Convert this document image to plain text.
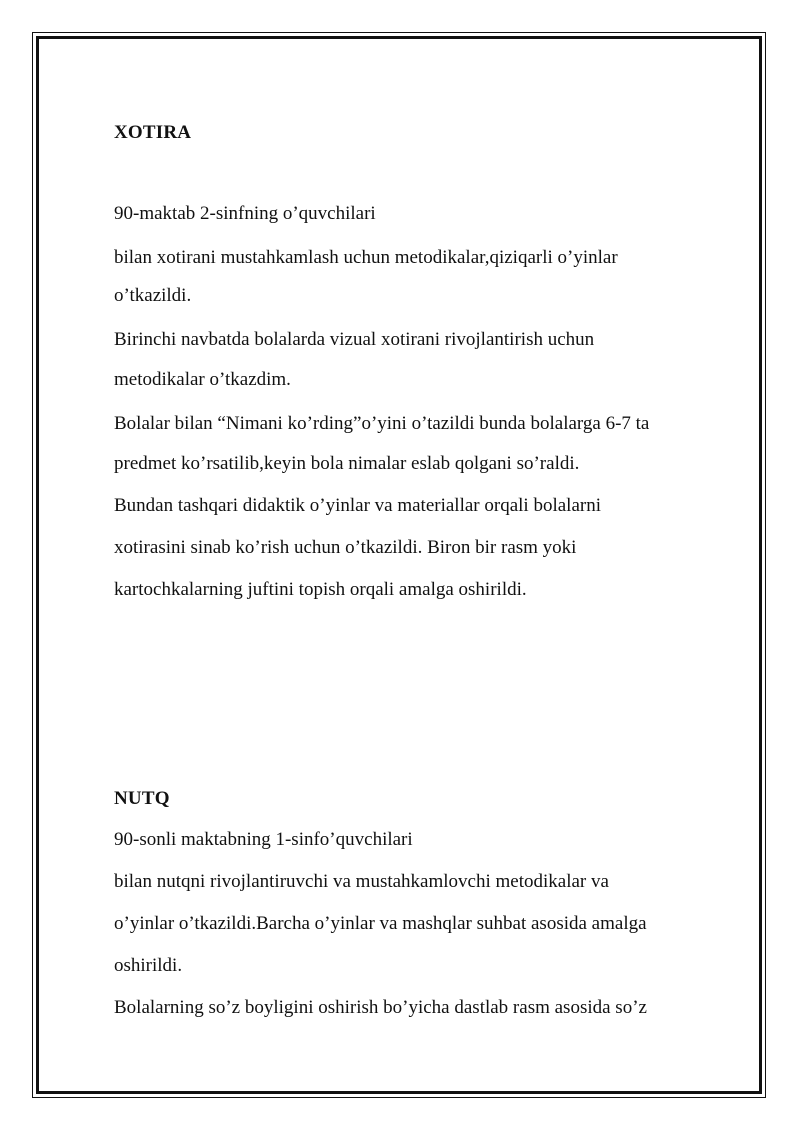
XOTIRA
90-maktab 2-sinfning o’quvchilari
bilan xotirani mustahkamlash uchun metodikalar,qiziqarli o’yinlar
o’tkazildi.
Birinchi navbatda bolalarda vizual xotirani rivojlantirish uchun
metodikalar o’tkazdim.
Bolalar bilan “Nimani ko’rding”o’yini o’tazildi bunda bolalarga 6-7 ta
predmet ko’rsatilib,keyin bola nimalar eslab qolgani so’raldi.
Bundan tashqari didaktik o’yinlar va materiallar orqali bolalarni
xotirasini sinab ko’rish uchun o’tkazildi. Biron bir rasm yoki
kartochkalarning juftini topish orqali amalga oshirildi.
NUTQ
90-sonli maktabning 1-sinfo’quvchilari
bilan nutqni rivojlantiruvchi va mustahkamlovchi metodikalar va
o’yinlar o’tkazildi.Barcha o’yinlar va mashqlar suhbat asosida amalga
oshirildi.
Bolalarning so’z boyligini oshirish bo’yicha dastlab rasm asosida so’z
